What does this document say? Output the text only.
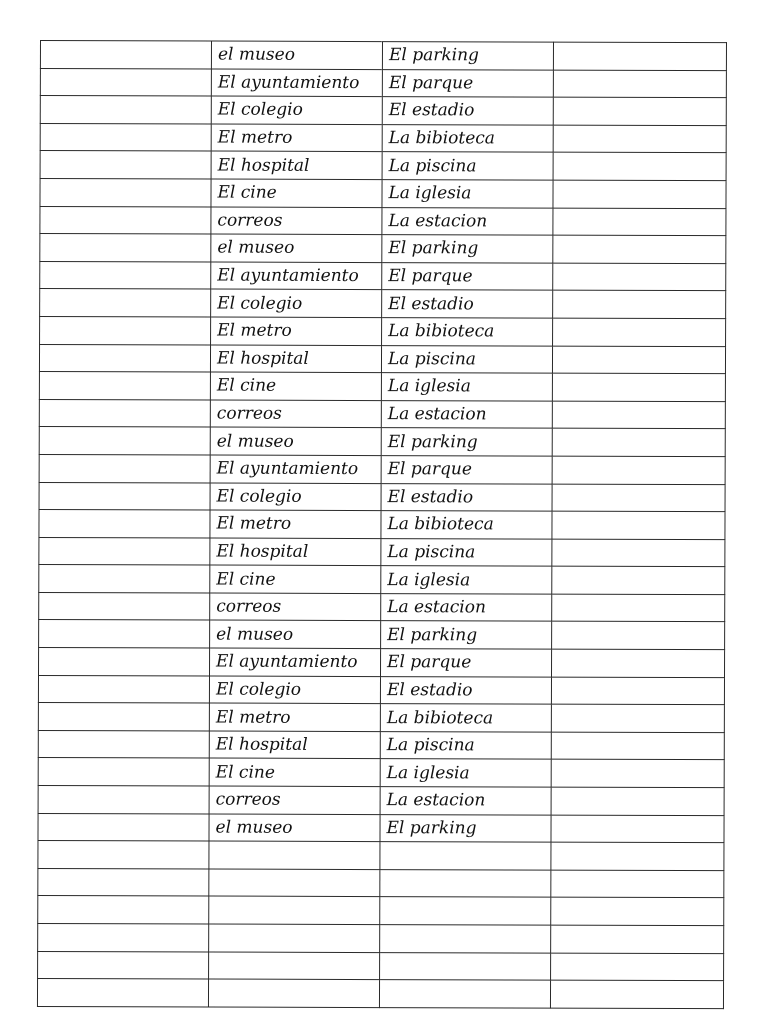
	el museo	El parking	
	El ayuntamiento	El parque	
	El colegio	El estadio	
	El metro	La bibioteca	
	El hospital	La piscina	
	El cine	La iglesia	
	correos	La estacion	
	el museo	El parking	
	El ayuntamiento	El parque	
	El colegio	El estadio	
	El metro	La bibioteca	
	El hospital	La piscina	
	El cine	La iglesia	
	correos	La estacion	
	el museo	El parking	
	El ayuntamiento	El parque	
	El colegio	El estadio	
	El metro	La bibioteca	
	El hospital	La piscina	
	El cine	La iglesia	
	correos	La estacion	
	el museo	El parking	
	El ayuntamiento	El parque	
	El colegio	El estadio	
	El metro	La bibioteca	
	El hospital	La piscina	
	El cine	La iglesia	
	correos	La estacion	
	el museo	El parking	
